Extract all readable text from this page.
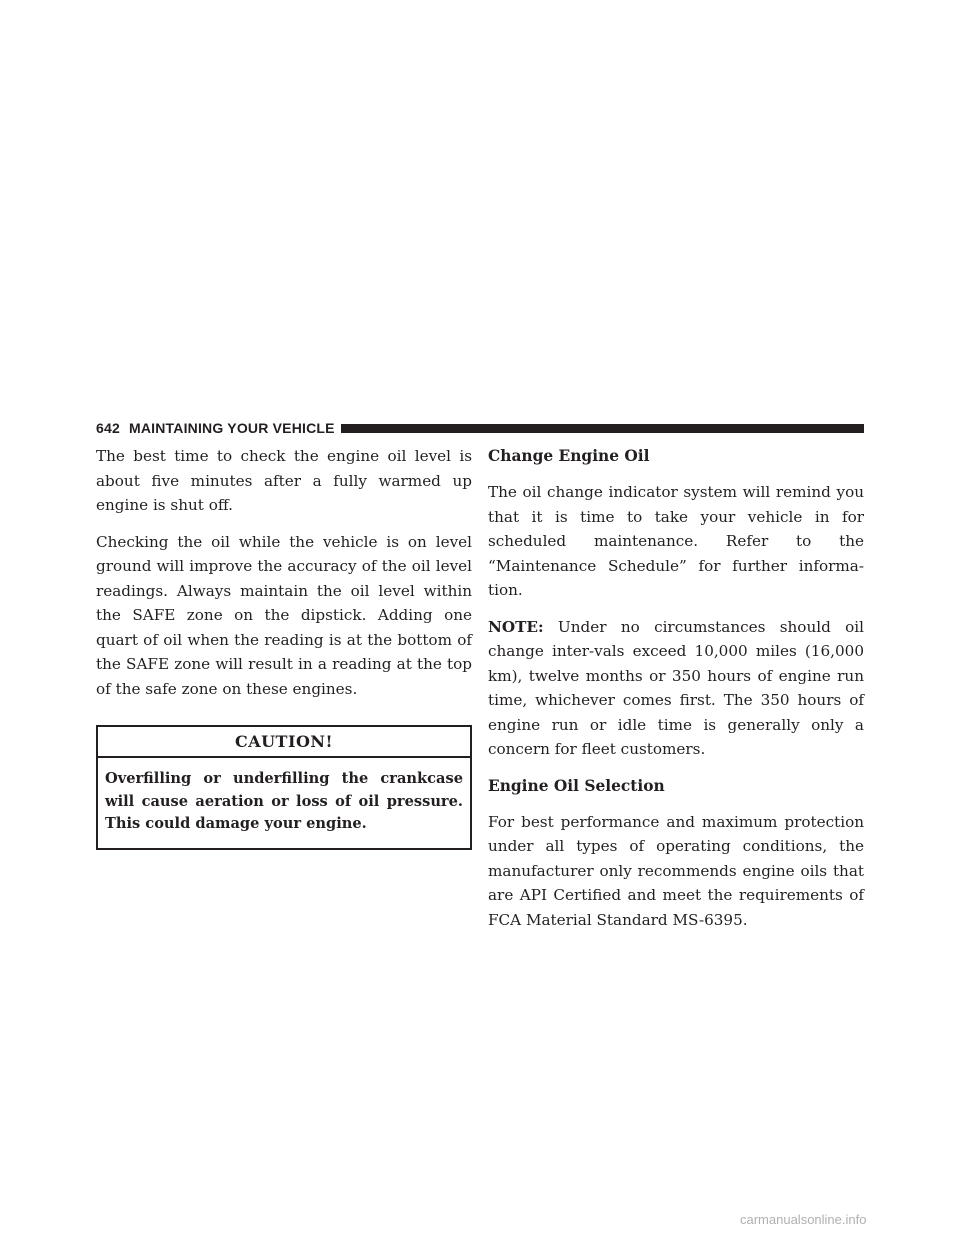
642 MAINTAINING YOUR VEHICLE

The best time to check the engine oil level is about five minutes after a fully warmed up engine is shut off.

Checking the oil while the vehicle is on level ground will improve the accuracy of the oil level readings. Always maintain the oil level within the SAFE zone on the dipstick. Adding one quart of oil when the reading is at the bottom of the SAFE zone will result in a reading at the top of the safe zone on these engines.

CAUTION!
Overfilling or underfilling the crankcase will cause aeration or loss of oil pressure. This could damage your engine.
Change Engine Oil

The oil change indicator system will remind you that it is time to take your vehicle in for scheduled maintenance. Refer to the “Maintenance Schedule” for further informa-tion.

NOTE: Under no circumstances should oil change inter-vals exceed 10,000 miles (16,000 km), twelve months or 350 hours of engine run time, whichever comes first. The 350 hours of engine run or idle time is generally only a concern for fleet customers.

Engine Oil Selection

For best performance and maximum protection under all types of operating conditions, the manufacturer only recommends engine oils that are API Certified and meet the requirements of FCA Material Standard MS-6395.

carmanualsonline.info
